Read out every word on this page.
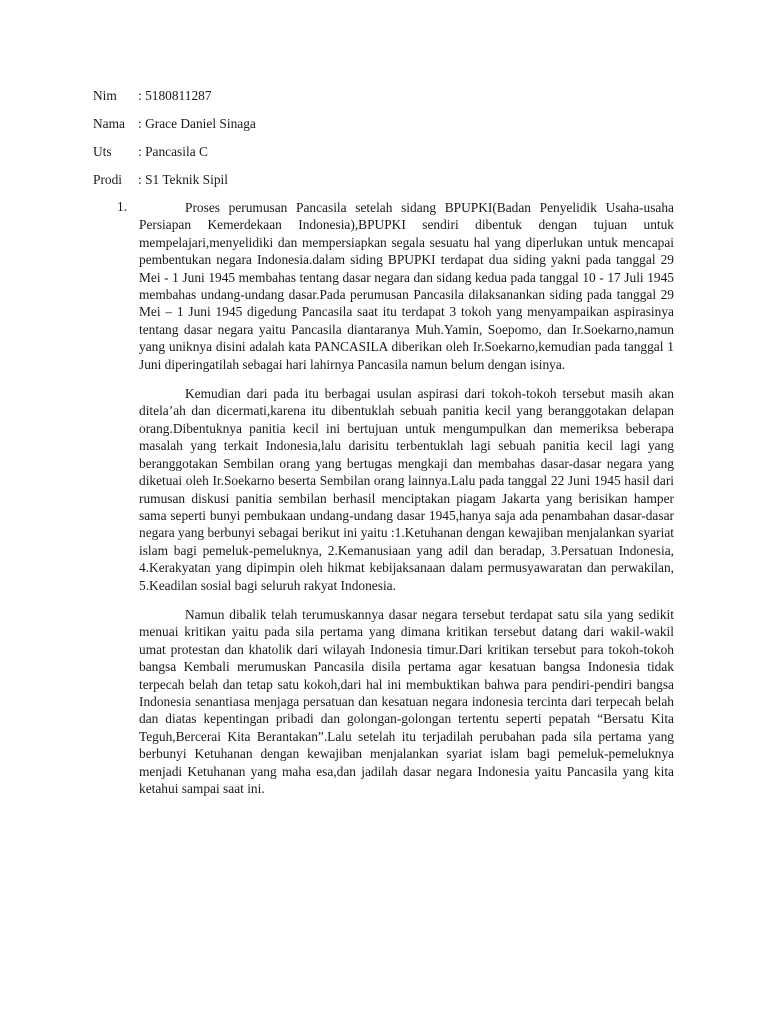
Nim	: 5180811287
Nama : Grace Daniel Sinaga
Uts	: Pancasila C
Prodi	: S1 Teknik Sipil
1.	Proses perumusan Pancasila setelah sidang BPUPKI(Badan Penyelidik Usaha-usaha Persiapan Kemerdekaan Indonesia),BPUPKI sendiri dibentuk dengan tujuan untuk mempelajari,menyelidiki dan mempersiapkan segala sesuatu hal yang diperlukan untuk mencapai pembentukan negara Indonesia.dalam siding BPUPKI terdapat dua siding yakni pada tanggal 29 Mei - 1 Juni 1945 membahas tentang dasar negara dan sidang kedua pada tanggal 10 - 17 Juli 1945 membahas undang-undang dasar.Pada perumusan Pancasila dilaksanankan siding pada tanggal 29 Mei – 1 Juni 1945 digedung Pancasila saat itu terdapat 3 tokoh yang menyampaikan aspirasinya tentang dasar negara yaitu Pancasila diantaranya Muh.Yamin, Soepomo, dan Ir.Soekarno,namun yang uniknya disini adalah kata PANCASILA diberikan oleh Ir.Soekarno,kemudian pada tanggal 1 Juni diperingatilah sebagai hari lahirnya Pancasila namun belum dengan isinya.

Kemudian dari pada itu berbagai usulan aspirasi dari tokoh-tokoh tersebut masih akan ditela’ah dan dicermati,karena itu dibentuklah sebuah panitia kecil yang beranggotakan delapan orang.Dibentuknya panitia kecil ini bertujuan untuk mengumpulkan dan memeriksa beberapa masalah yang terkait Indonesia,lalu darisitu terbentuklah lagi sebuah panitia kecil lagi yang beranggotakan Sembilan orang yang bertugas mengkaji dan membahas dasar-dasar negara yang diketuai oleh Ir.Soekarno beserta Sembilan orang lainnya.Lalu pada tanggal 22 Juni 1945 hasil dari rumusan diskusi panitia sembilan berhasil menciptakan piagam Jakarta yang berisikan hamper sama seperti bunyi pembukaan undang-undang dasar 1945,hanya saja ada penambahan dasar-dasar negara yang berbunyi sebagai berikut ini yaitu :1.Ketuhanan dengan kewajiban menjalankan syariat islam bagi pemeluk-pemeluknya, 2.Kemanusiaan yang adil dan beradap, 3.Persatuan Indonesia, 4.Kerakyatan yang dipimpin oleh hikmat kebijaksanaan dalam permusyawaratan dan perwakilan, 5.Keadilan sosial bagi seluruh rakyat Indonesia.

Namun dibalik telah terumuskannya dasar negara tersebut terdapat satu sila yang sedikit menuai kritikan yaitu pada sila pertama yang dimana kritikan tersebut datang dari wakil-wakil umat protestan dan khatolik dari wilayah Indonesia timur.Dari kritikan tersebut para tokoh-tokoh bangsa Kembali merumuskan Pancasila disila pertama agar kesatuan bangsa Indonesia tidak terpecah belah dan tetap satu kokoh,dari hal ini membuktikan bahwa para pendiri-pendiri bangsa Indonesia senantiasa menjaga persatuan dan kesatuan negara indonesia tercinta dari terpecah belah dan diatas kepentingan pribadi dan golongan-golongan tertentu seperti pepatah “Bersatu Kita Teguh,Bercerai Kita Berantakan”.Lalu setelah itu terjadilah perubahan pada sila pertama yang berbunyi Ketuhanan dengan kewajiban menjalankan syariat islam bagi pemeluk-pemeluknya menjadi Ketuhanan yang maha esa,dan jadilah dasar negara Indonesia yaitu Pancasila yang kita ketahui sampai saat ini.
